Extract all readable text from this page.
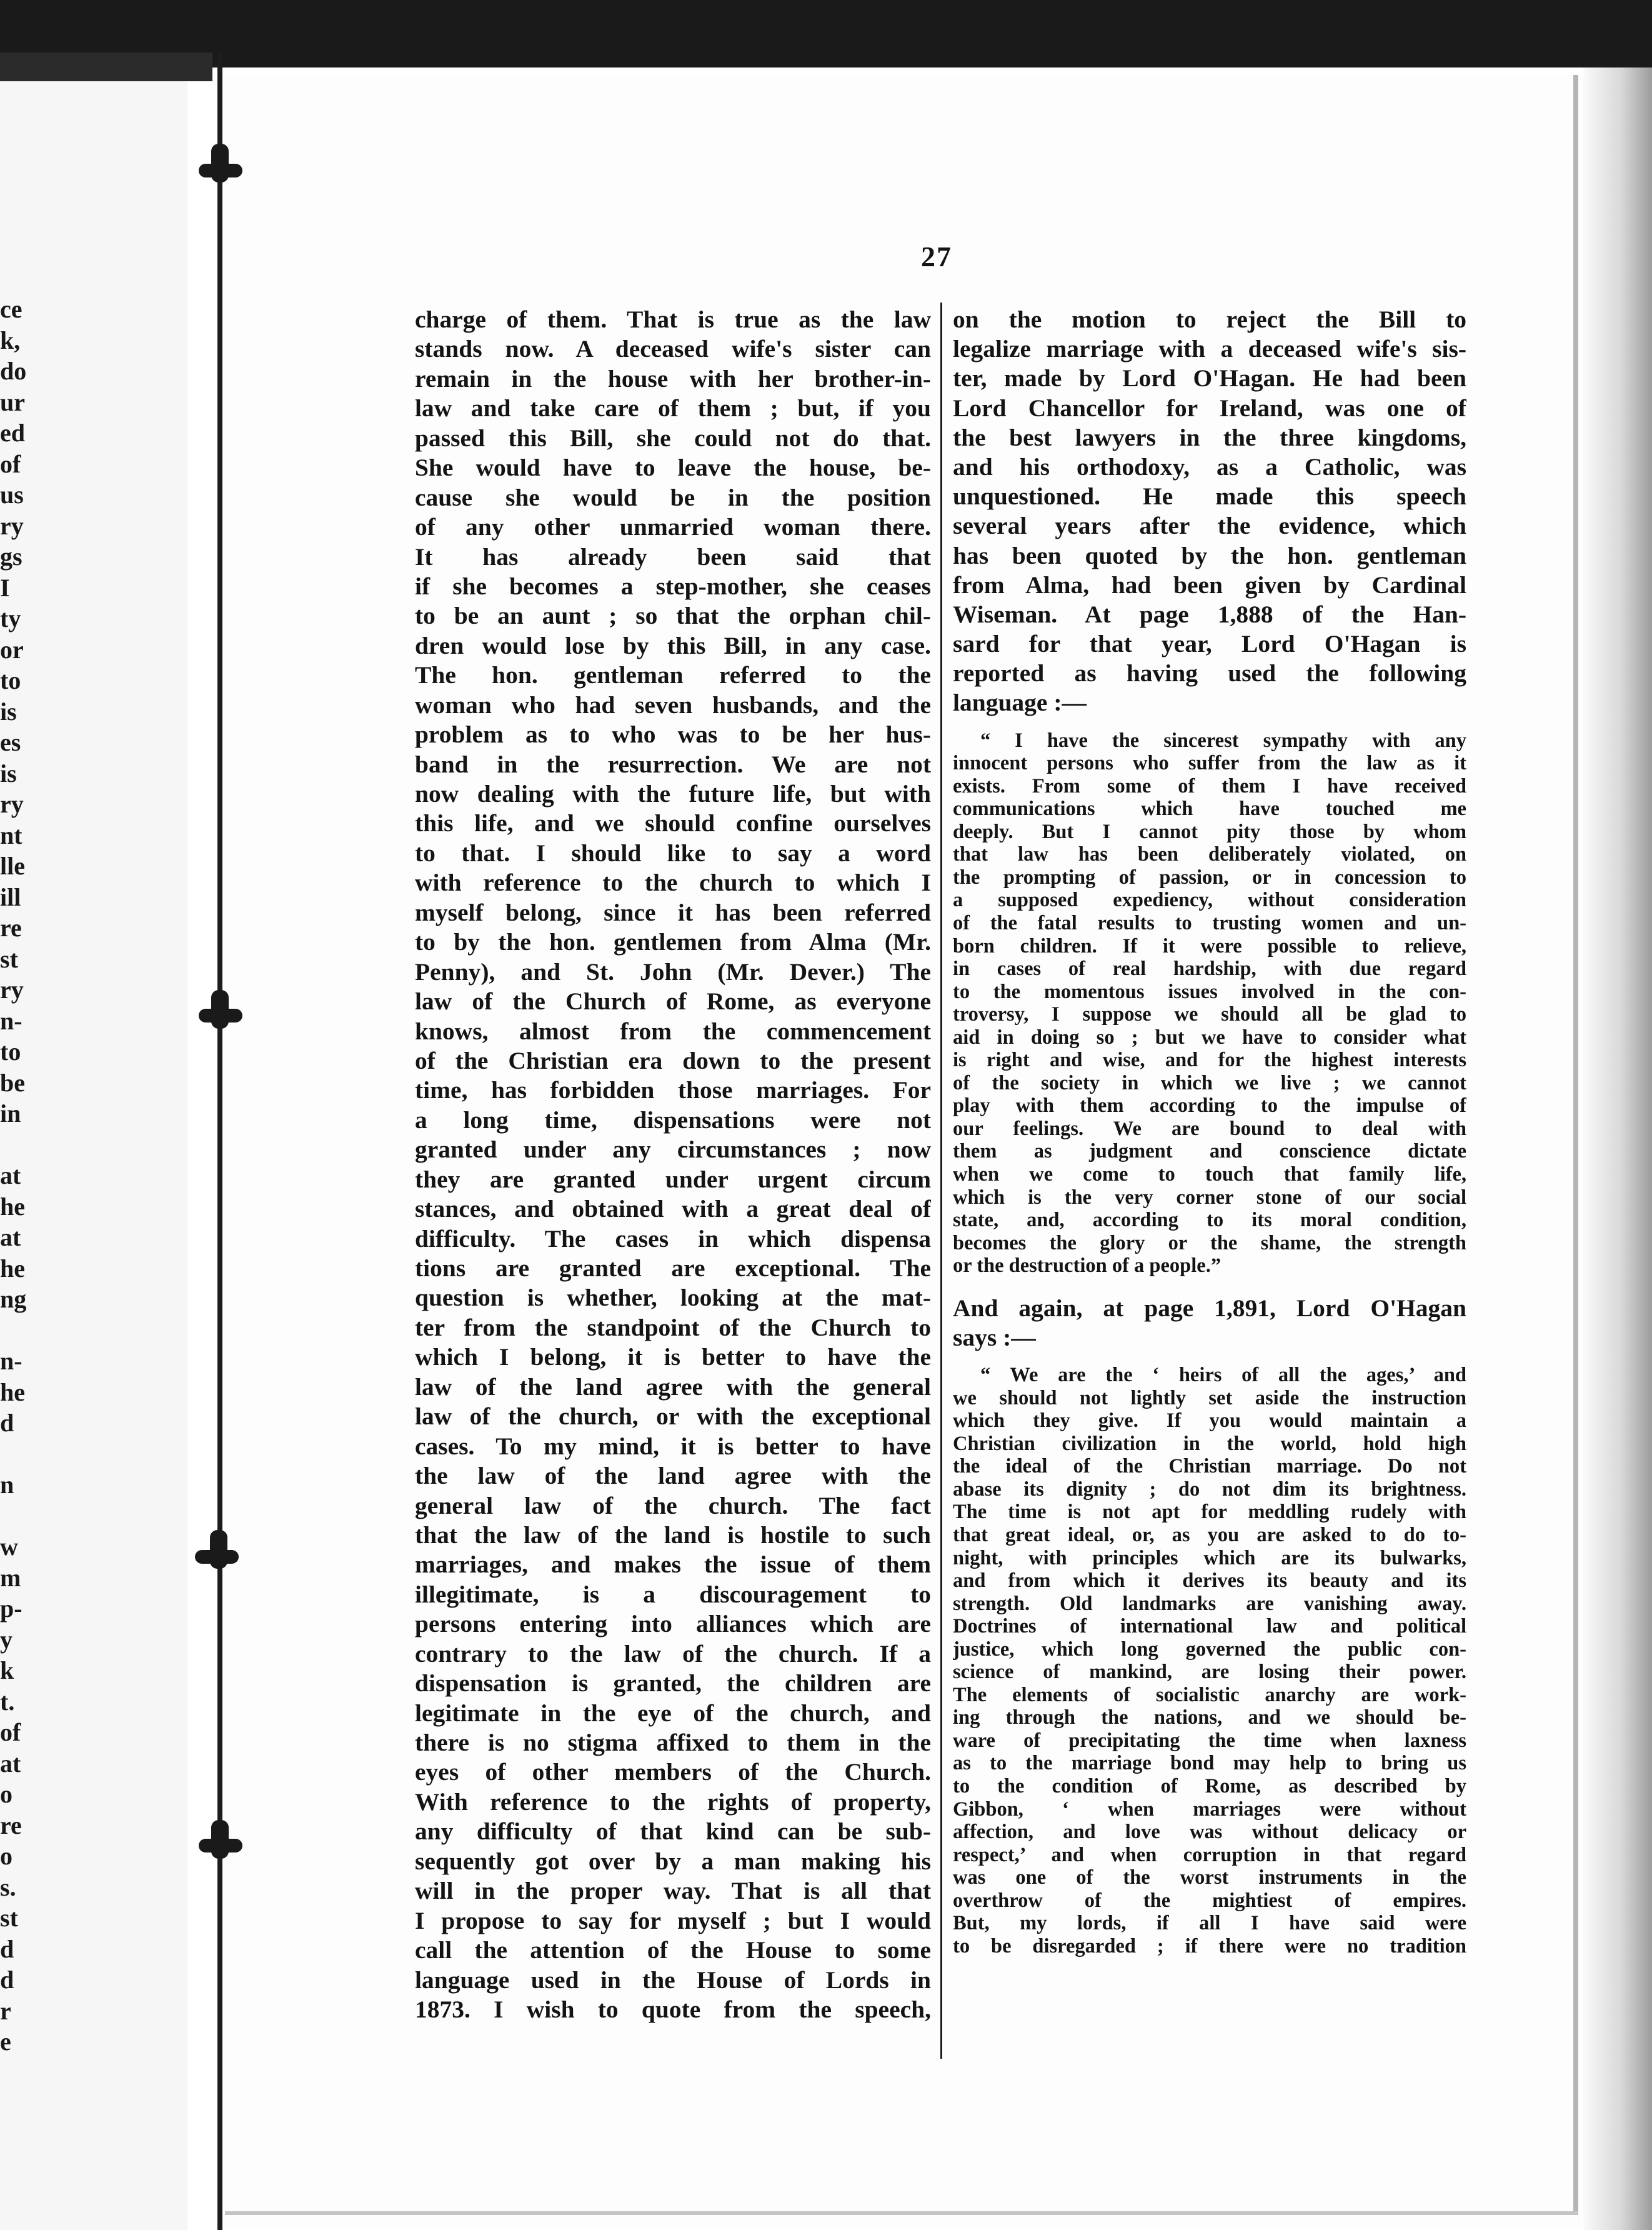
ce
k,
do
ur
ed
of
us
ry
gs
I
ty
or
to
is
es
is
ry
nt
lle
ill
re
st
ry
n-
to
be
in
at
he
at
he
ng
n-
he
d
n
w
m
p-
y
k
t.
of
at
o
re
o
s.
st
d
d
r
e
27
charge of them. That is true as the law
stands now. A deceased wife's sister can
remain in the house with her brother-in-
law and take care of them ; but, if you
passed this Bill, she could not do that.
She would have to leave the house, be-
cause she would be in the position
of any other unmarried woman there.
It has already been said that
if she becomes a step-mother, she ceases
to be an aunt ; so that the orphan chil-
dren would lose by this Bill, in any case.
The hon. gentleman referred to the
woman who had seven husbands, and the
problem as to who was to be her hus-
band in the resurrection. We are not
now dealing with the future life, but with
this life, and we should confine ourselves
to that. I should like to say a word
with reference to the church to which I
myself belong, since it has been referred
to by the hon. gentlemen from Alma (Mr.
Penny), and St. John (Mr. Dever.) The
law of the Church of Rome, as everyone
knows, almost from the commencement
of the Christian era down to the present
time, has forbidden those marriages. For
a long time, dispensations were not
granted under any circumstances ; now
they are granted under urgent circum
stances, and obtained with a great deal of
difficulty. The cases in which dispensa
tions are granted are exceptional. The
question is whether, looking at the mat-
ter from the standpoint of the Church to
which I belong, it is better to have the
law of the land agree with the general
law of the church, or with the exceptional
cases. To my mind, it is better to have
the law of the land agree with the
general law of the church. The fact
that the law of the land is hostile to such
marriages, and makes the issue of them
illegitimate, is a discouragement to
persons entering into alliances which are
contrary to the law of the church. If a
dispensation is granted, the children are
legitimate in the eye of the church, and
there is no stigma affixed to them in the
eyes of other members of the Church.
With reference to the rights of property,
any difficulty of that kind can be sub-
sequently got over by a man making his
will in the proper way. That is all that
I propose to say for myself ; but I would
call the attention of the House to some
language used in the House of Lords in
1873. I wish to quote from the speech,
on the motion to reject the Bill to
legalize marriage with a deceased wife's sis-
ter, made by Lord O'Hagan. He had been
Lord Chancellor for Ireland, was one of
the best lawyers in the three kingdoms,
and his orthodoxy, as a Catholic, was
unquestioned. He made this speech
several years after the evidence, which
has been quoted by the hon. gentleman
from Alma, had been given by Cardinal
Wiseman. At page 1,888 of the Han-
sard for that year, Lord O'Hagan is
reported as having used the following
language :—
“ I have the sincerest sympathy with any
innocent persons who suffer from the law as it
exists. From some of them I have received
communications which have touched me
deeply. But I cannot pity those by whom
that law has been deliberately violated, on
the prompting of passion, or in concession to
a supposed expediency, without consideration
of the fatal results to trusting women and un-
born children. If it were possible to relieve,
in cases of real hardship, with due regard
to the momentous issues involved in the con-
troversy, I suppose we should all be glad to
aid in doing so ; but we have to consider what
is right and wise, and for the highest interests
of the society in which we live ; we cannot
play with them according to the impulse of
our feelings. We are bound to deal with
them as judgment and conscience dictate
when we come to touch that family life,
which is the very corner stone of our social
state, and, according to its moral condition,
becomes the glory or the shame, the strength
or the destruction of a people.”
And again, at page 1,891, Lord O'Hagan
says :—
“ We are the ‘ heirs of all the ages,’ and
we should not lightly set aside the instruction
which they give. If you would maintain a
Christian civilization in the world, hold high
the ideal of the Christian marriage. Do not
abase its dignity ; do not dim its brightness.
The time is not apt for meddling rudely with
that great ideal, or, as you are asked to do to-
night, with principles which are its bulwarks,
and from which it derives its beauty and its
strength. Old landmarks are vanishing away.
Doctrines of international law and political
justice, which long governed the public con-
science of mankind, are losing their power.
The elements of socialistic anarchy are work-
ing through the nations, and we should be-
ware of precipitating the time when laxness
as to the marriage bond may help to bring us
to the condition of Rome, as described by
Gibbon, ‘ when marriages were without
affection, and love was without delicacy or
respect,’ and when corruption in that regard
was one of the worst instruments in the
overthrow of the mightiest of empires.
But, my lords, if all I have said were
to be disregarded ; if there were no tradition
